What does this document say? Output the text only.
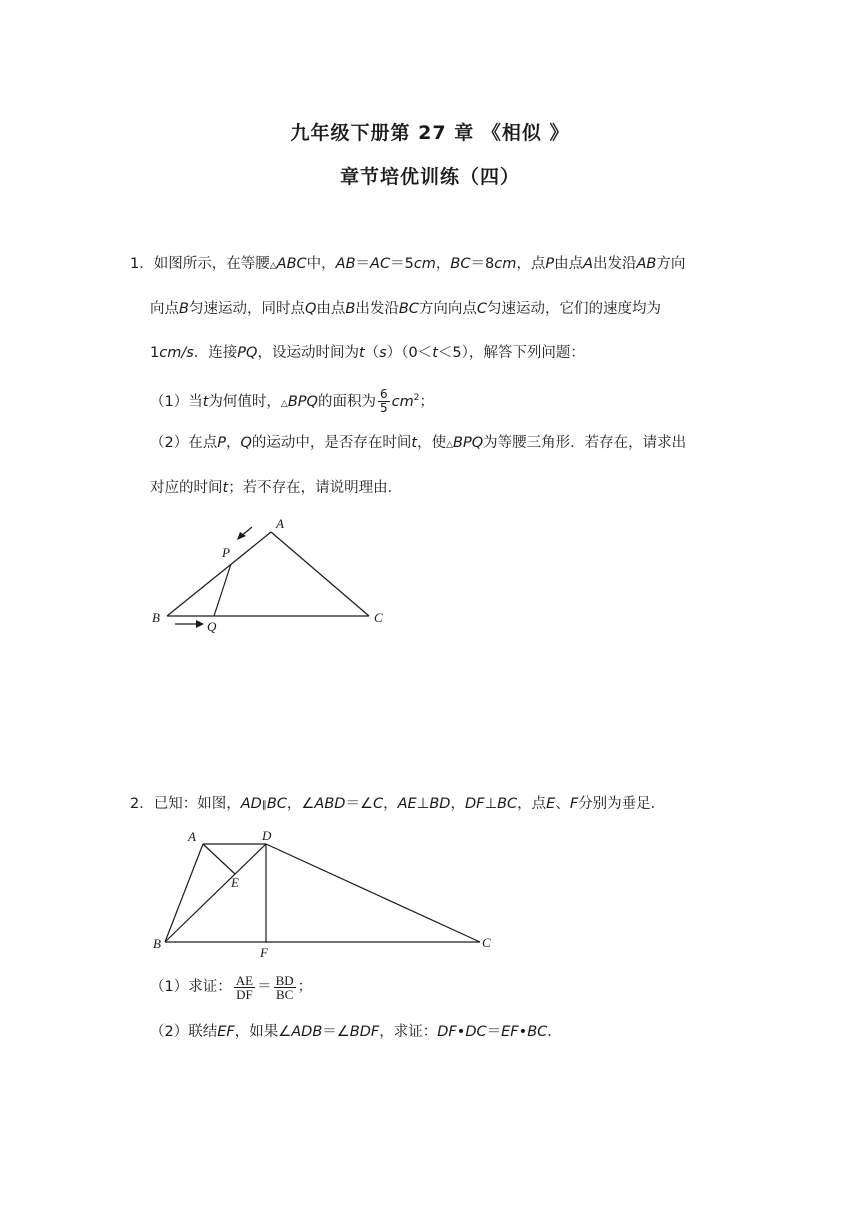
九年级下册第 27 章 《相似 》
章节培优训练（四）
1．如图所示，在等腰△ABC中，AB＝AC＝5cm，BC＝8cm，点P由点A出发沿AB方向
向点B匀速运动，同时点Q由点B出发沿BC方向向点C匀速运动，它们的速度均为
1cm/s．连接PQ，设运动时间为t（s）（0＜t＜5），解答下列问题：
（1）当t为何值时，△BPQ的面积为 $\frac{6}{5} cm^2$；
（2）在点P，Q的运动中，是否存在时间t，使△BPQ为等腰三角形．若存在，请求出
对应的时间t；若不存在，请说明理由．
A
P
B
Q
C
2．已知：如图，AD∥BC，∠ABD＝∠C，AE⊥BD，DF⊥BC，点E、F分别为垂足．
A	D
E
B
F
C
（1）求证： $\frac{AE}{DF} = \frac{BD}{BC}$ ；
（2）联结EF，如果∠ADB＝∠BDF，求证：DF•DC＝EF•BC．
